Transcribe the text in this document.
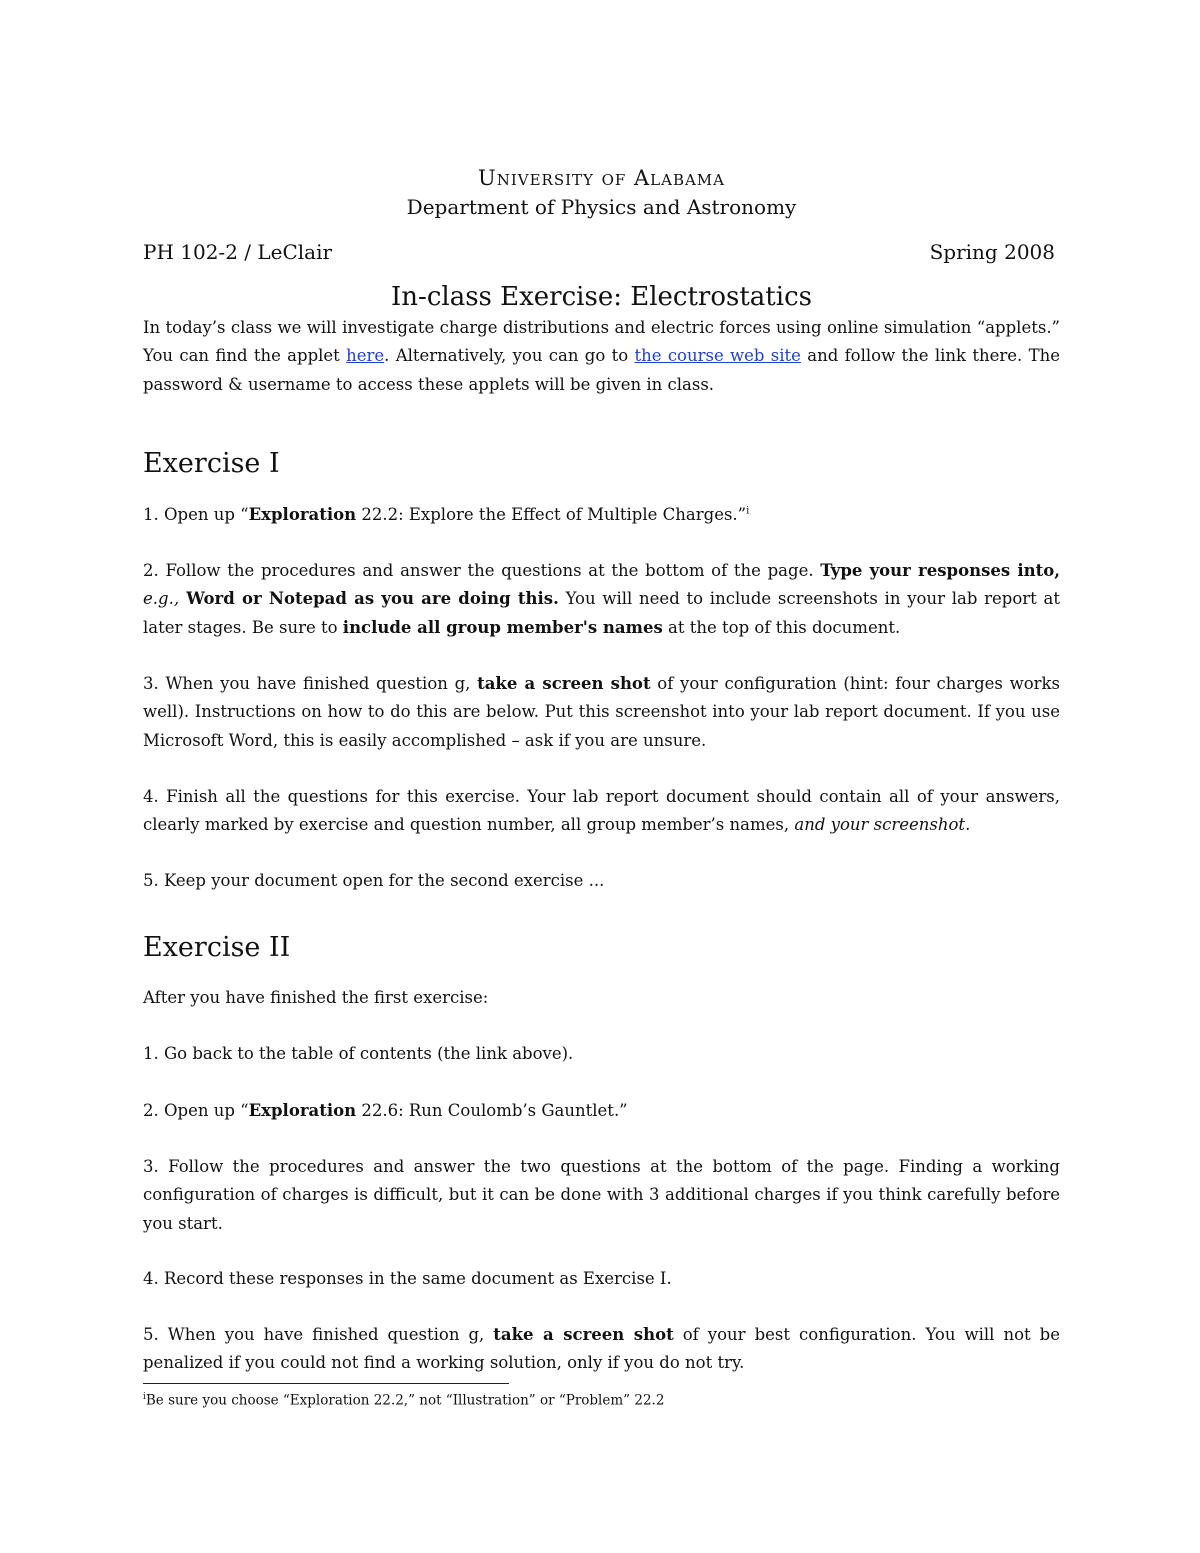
University of Alabama
Department of Physics and Astronomy
PH 102-2 / LeClair	Spring 2008
In-class Exercise: Electrostatics

In today’s class we will investigate charge distributions and electric forces using online simulation “applets.” You can find the applet here. Alternatively, you can go to the course web site and follow the link there. The password & username to access these applets will be given in class.

Exercise I

1. Open up “Exploration 22.2: Explore the Effect of Multiple Charges.”$^i$

2. Follow the procedures and answer the questions at the bottom of the page. Type your responses into, e.g., Word or Notepad as you are doing this. You will need to include screenshots in your lab report at later stages. Be sure to include all group member's names at the top of this document.

3. When you have finished question g, take a screen shot of your configuration (hint: four charges works well). Instructions on how to do this are below. Put this screenshot into your lab report document. If you use Microsoft Word, this is easily accomplished – ask if you are unsure.

4. Finish all the questions for this exercise. Your lab report document should contain all of your answers, clearly marked by exercise and question number, all group member’s names, and your screenshot.

5. Keep your document open for the second exercise ...

Exercise II

After you have finished the first exercise:

1. Go back to the table of contents (the link above).

2. Open up “Exploration 22.6: Run Coulomb’s Gauntlet.”

3. Follow the procedures and answer the two questions at the bottom of the page. Finding a working configuration of charges is difficult, but it can be done with 3 additional charges if you think carefully before you start.

4. Record these responses in the same document as Exercise I.

5. When you have finished question g, take a screen shot of your best configuration. You will not be penalized if you could not find a working solution, only if you do not try.

$^i$Be sure you choose “Exploration 22.2,” not “Illustration” or “Problem” 22.2
